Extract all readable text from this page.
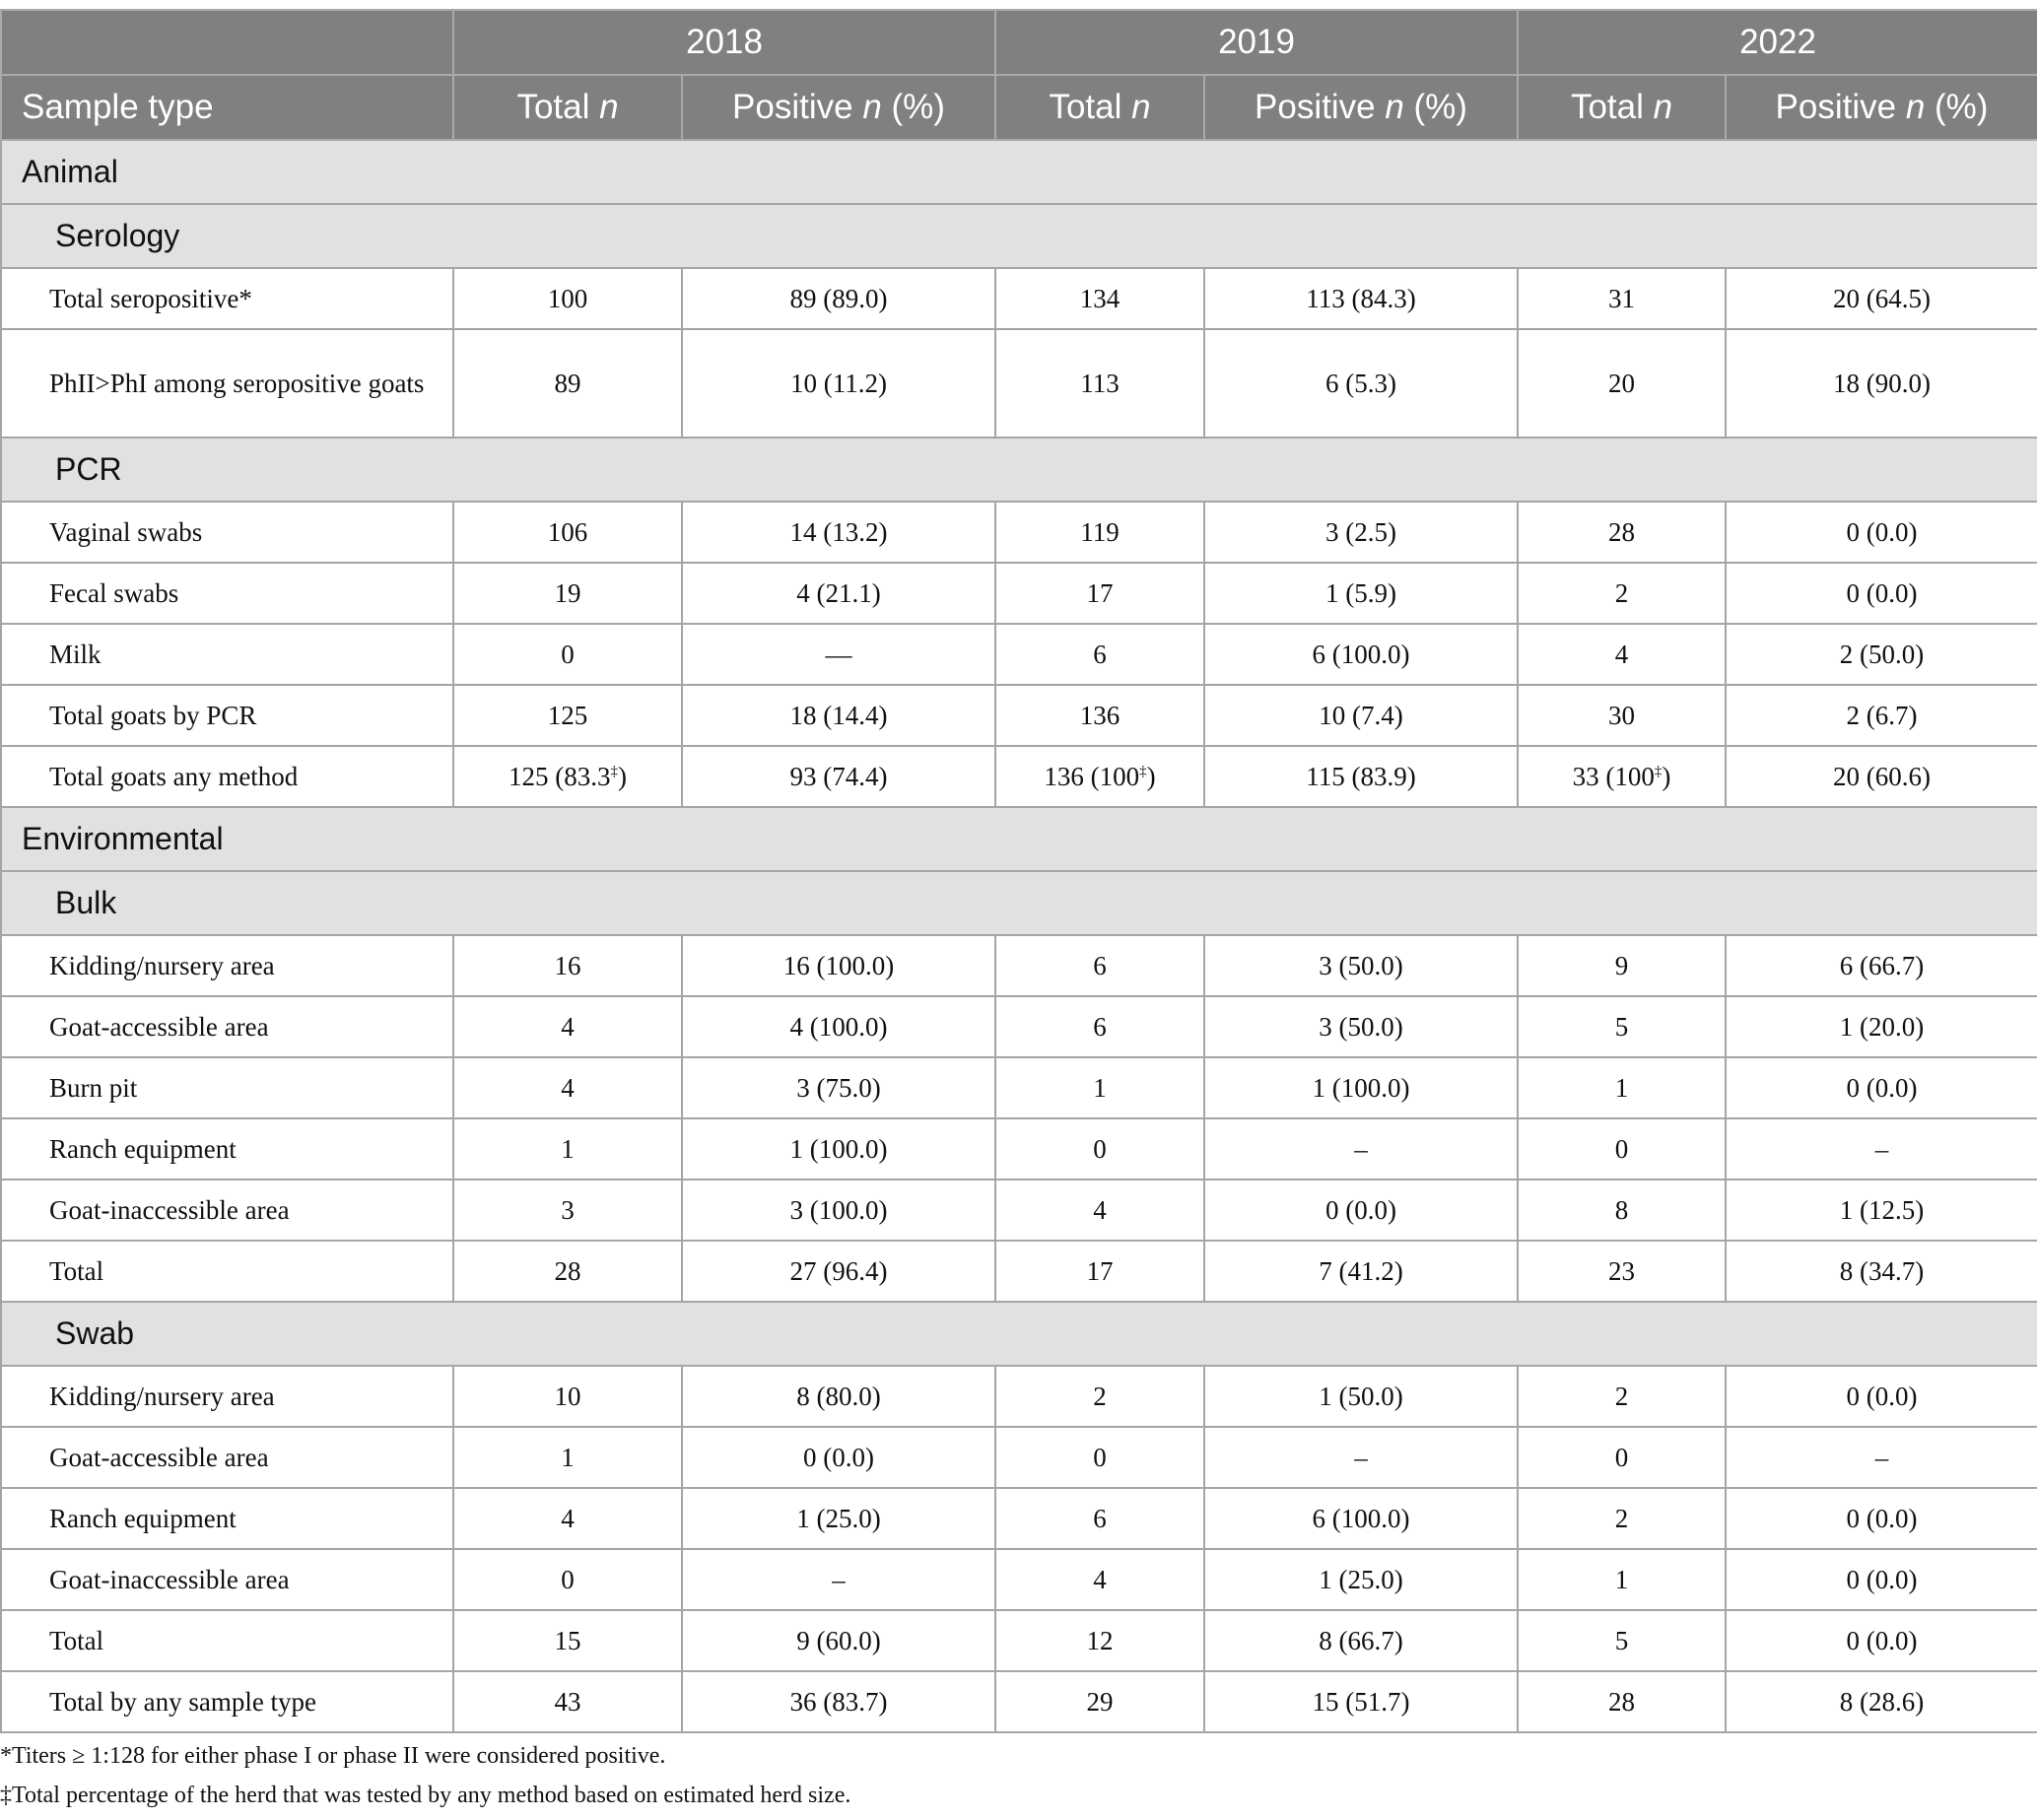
	2018		2019		2022	
Sample type	Total n	Positive n (%)	Total n	Positive n (%)	Total n	Positive n (%)
Animal						
Serology						
Total seropositive*	100	89 (89.0)	134	113 (84.3)	31	20 (64.5)
PhII>PhI among seropositive goats	89	10 (11.2)	113	6 (5.3)	20	18 (90.0)
PCR						
Vaginal swabs	106	14 (13.2)	119	3 (2.5)	28	0 (0.0)
Fecal swabs	19	4 (21.1)	17	1 (5.9)	2	0 (0.0)
Milk	0	—	6	6 (100.0)	4	2 (50.0)
Total goats by PCR	125	18 (14.4)	136	10 (7.4)	30	2 (6.7)
Total goats any method	125 (83.3‡)	93 (74.4)	136 (100‡)	115 (83.9)	33 (100‡)	20 (60.6)
Environmental						
Bulk						
Kidding/nursery area	16	16 (100.0)	6	3 (50.0)	9	6 (66.7)
Goat-accessible area	4	4 (100.0)	6	3 (50.0)	5	1 (20.0)
Burn pit	4	3 (75.0)	1	1 (100.0)	1	0 (0.0)
Ranch equipment	1	1 (100.0)	0	–	0	–
Goat-inaccessible area	3	3 (100.0)	4	0 (0.0)	8	1 (12.5)
Total	28	27 (96.4)	17	7 (41.2)	23	8 (34.7)
Swab						
Kidding/nursery area	10	8 (80.0)	2	1 (50.0)	2	0 (0.0)
Goat-accessible area	1	0 (0.0)	0	–	0	–
Ranch equipment	4	1 (25.0)	6	6 (100.0)	2	0 (0.0)
Goat-inaccessible area	0	–	4	1 (25.0)	1	0 (0.0)
Total	15	9 (60.0)	12	8 (66.7)	5	0 (0.0)
Total by any sample type	43	36 (83.7)	29	15 (51.7)	28	8 (28.6)
*Titers ≥ 1:128 for either phase I or phase II were considered positive.
‡Total percentage of the herd that was tested by any method based on estimated herd size.
